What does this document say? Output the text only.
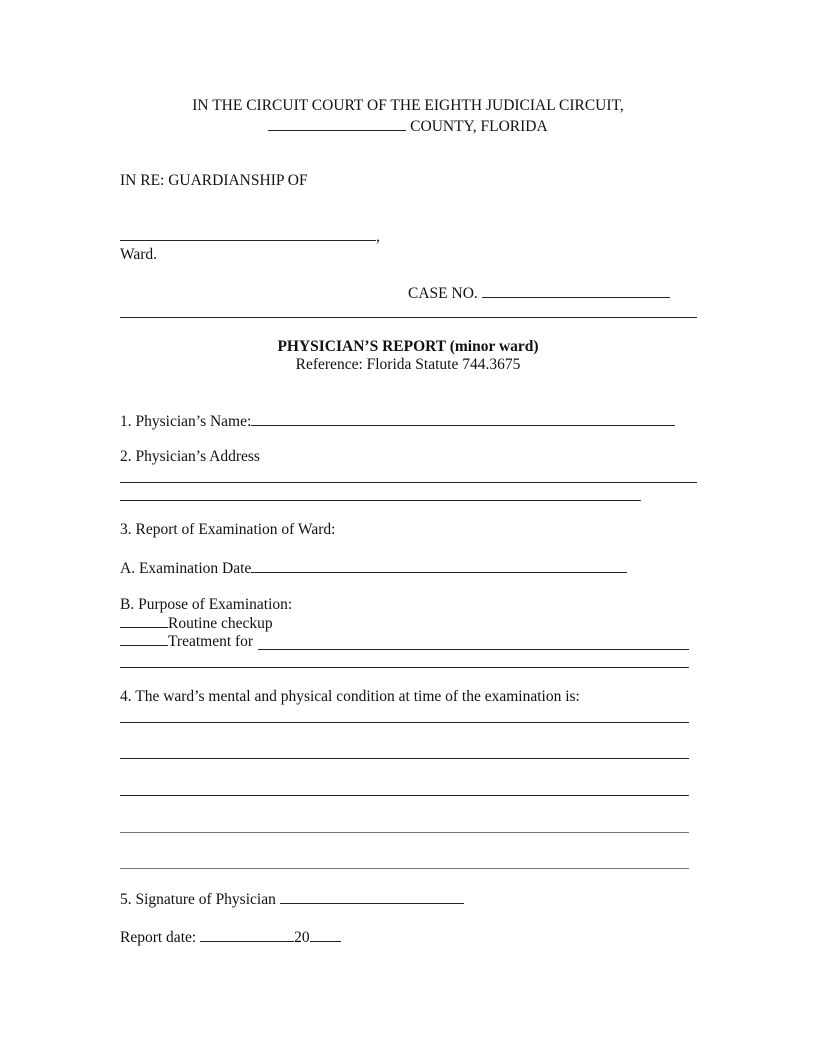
IN THE CIRCUIT COURT OF THE EIGHTH JUDICIAL CIRCUIT,
COUNTY, FLORIDA
IN RE: GUARDIANSHIP OF
,
Ward.
CASE NO.
PHYSICIAN’S REPORT (minor ward)
Reference: Florida Statute 744.3675
1. Physician’s Name:
2. Physician’s Address
3. Report of Examination of Ward:
A. Examination Date
B. Purpose of Examination:
Routine checkup
Treatment for
4. The ward’s mental and physical condition at time of the examination is:
5. Signature of Physician
Report date:	20
